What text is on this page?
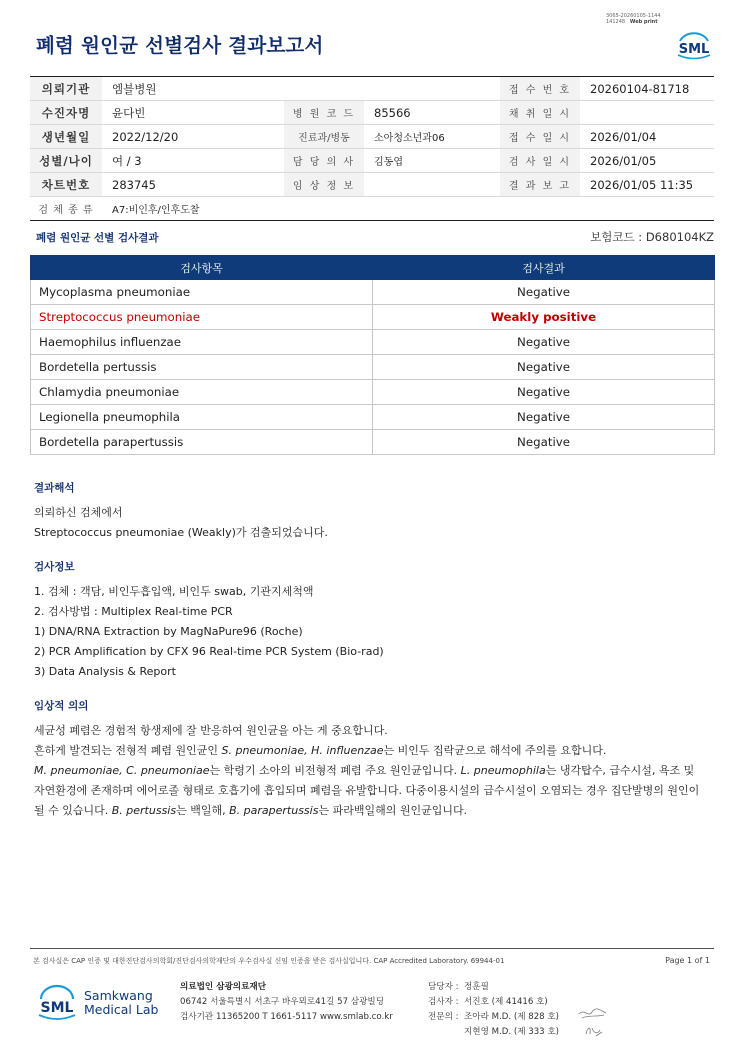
3065-20260105-1144
141248 Web print
폐렴 원인균 선별검사 결과보고서	SML
의뢰기관	엠블병원			접 수 번 호	20260104-81718
수진자명	윤다빈	병 원 코 드	85566	채 취 일 시	
생년월일	2022/12/20	진료과/병동	소아청소년과06	접 수 일 시	2026/01/04
성별/나이	여 / 3	담 당 의 사	김동엽	검 사 일 시	2026/01/05
차트번호	283745	임 상 정 보		결 과 보 고	2026/01/05 11:35
검 체 종 류	A7:비인후/인후도찰				
폐렴 원인균 선별 검사결과	보험코드 : D680104KZ
검사항목	검사결과
Mycoplasma pneumoniae	Negative
Streptococcus pneumoniae	Weakly positive
Haemophilus influenzae	Negative
Bordetella pertussis	Negative
Chlamydia pneumoniae	Negative
Legionella pneumophila	Negative
Bordetella parapertussis	Negative
결과해석
의뢰하신 검체에서
Streptococcus pneumoniae (Weakly)가 검출되었습니다.
검사정보
1. 검체 : 객담, 비인두흡입액, 비인두 swab, 기관지세척액
2. 검사방법 : Multiplex Real-time PCR
1) DNA/RNA Extraction by MagNaPure96 (Roche)
2) PCR Amplification by CFX 96 Real-time PCR System (Bio-rad)
3) Data Analysis & Report
임상적 의의
세균성 폐렴은 경험적 항생제에 잘 반응하여 원인균을 아는 게 중요합니다.
흔하게 발견되는 전형적 폐렴 원인균인 S. pneumoniae, H. influenzae는 비인두 집락균으로 해석에 주의를 요합니다.
M. pneumoniae, C. pneumoniae는 학령기 소아의 비전형적 폐렴 주요 원인균입니다. L. pneumophila는 냉각탑수, 급수시설, 욕조 및
자연환경에 존재하며 에어로졸 형태로 호흡기에 흡입되며 폐렴을 유발합니다. 다중이용시설의 급수시설이 오염되는 경우 집단발병의 원인이
될 수 있습니다. B. pertussis는 백일해, B. parapertussis는 파라백일해의 원인균입니다.
본 검사실은 CAP 인증 및 대한진단검사의학회/진단검사의학재단의 우수검사실 신임 인증을 받은 검사실입니다. CAP Accredited Laboratory. 69944-01	Page 1 of 1
SML
Samkwang
Medical Lab
의료법인 삼광의료재단
06742 서울특별시 서초구 바우뫼로41길 57 삼광빌딩
검사기관 11365200 T 1661-5117 www.smlab.co.kr
담당자 : 정훈필
검사자 : 서진호 (제 41416 호)
전문의 : 조아라 M.D. (제 828 호)
지현영 M.D. (제 333 호)
